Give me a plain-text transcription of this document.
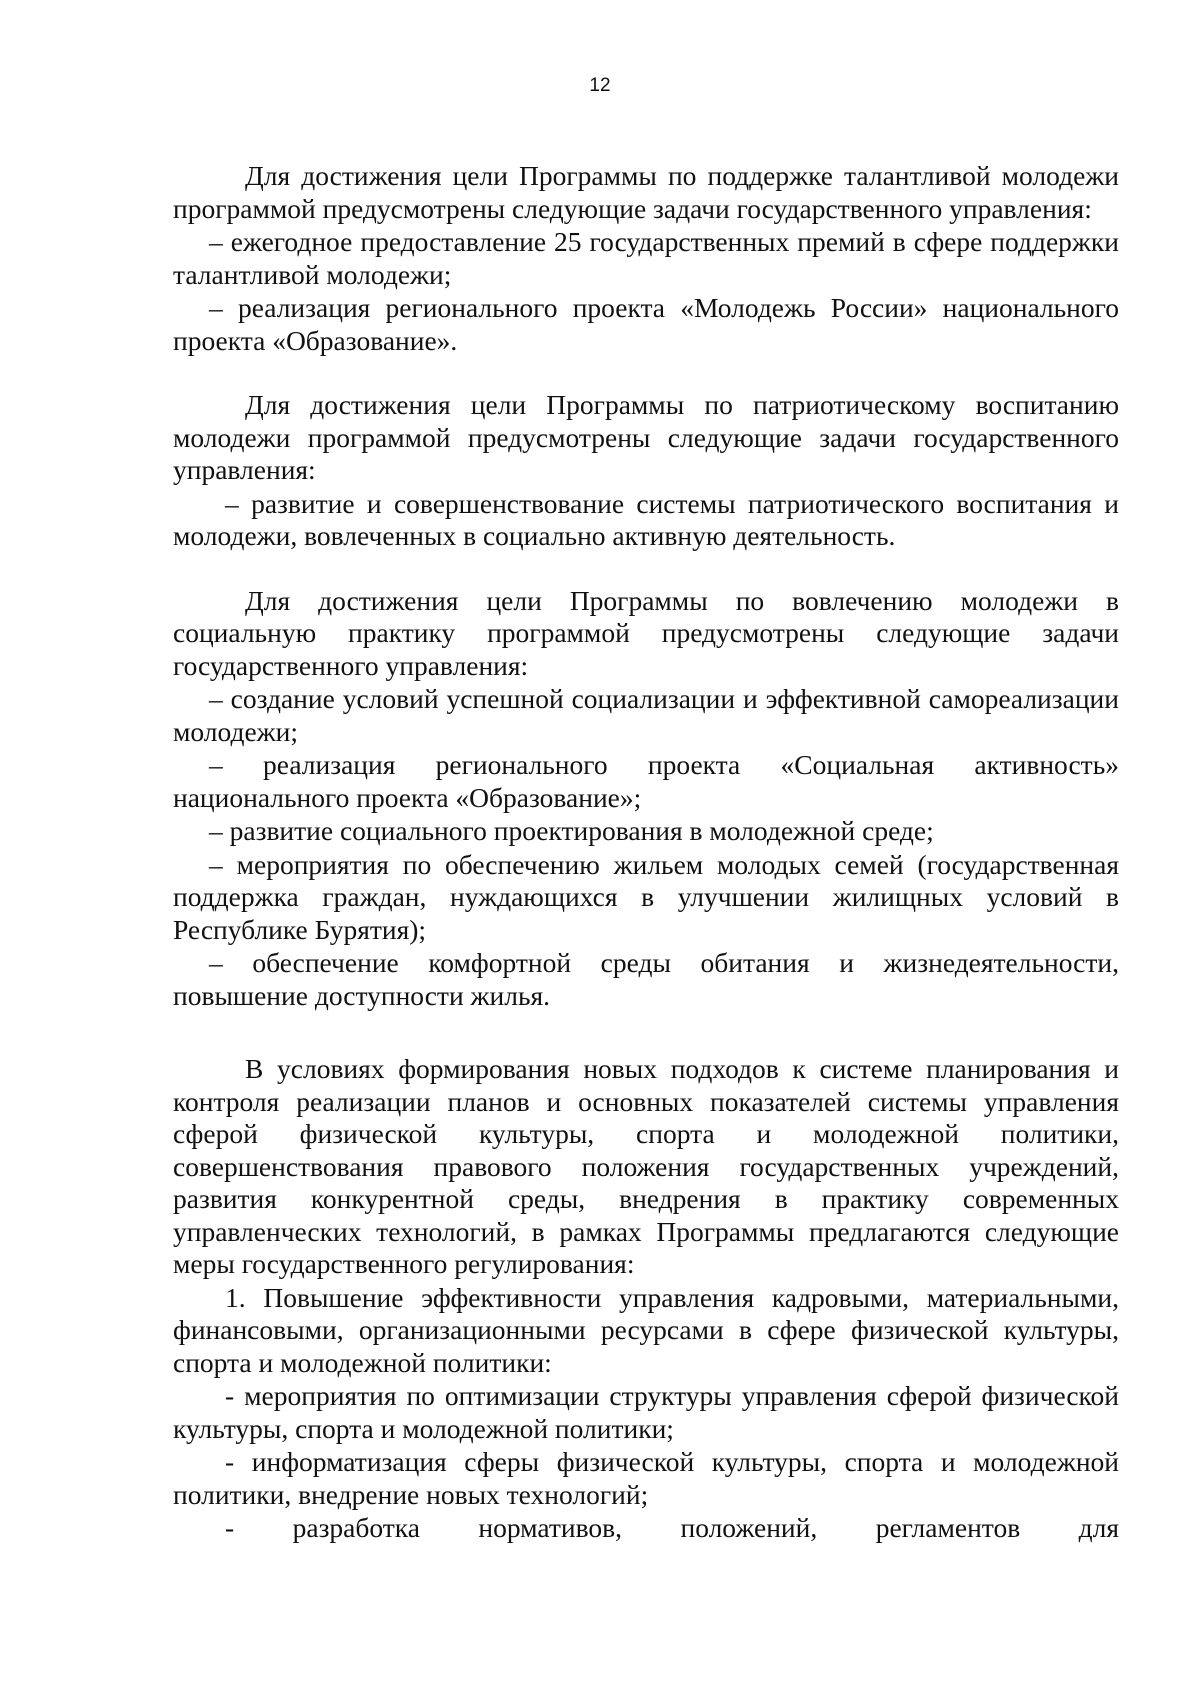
12

Для достижения цели Программы по поддержке талантливой молодежи программой предусмотрены следующие задачи государственного управления:

– ежегодное предоставление 25 государственных премий в сфере поддержки талантливой молодежи;

– реализация регионального проекта «Молодежь России» национального проекта «Образование».

Для достижения цели Программы по патриотическому воспитанию молодежи программой предусмотрены следующие задачи государственного управления:

– развитие и совершенствование системы патриотического воспитания и молодежи, вовлеченных в социально активную деятельность.

Для достижения цели Программы по вовлечению молодежи в социальную практику программой предусмотрены следующие задачи государственного управления:

– создание условий успешной социализации и эффективной самореализации молодежи;

– реализация регионального проекта «Социальная активность» национального проекта «Образование»;

– развитие социального проектирования в молодежной среде;

– мероприятия по обеспечению жильем молодых семей (государственная поддержка граждан, нуждающихся в улучшении жилищных условий в Республике Бурятия);

– обеспечение комфортной среды обитания и жизнедеятельности, повышение доступности жилья.

В условиях формирования новых подходов к системе планирования и контроля реализации планов и основных показателей системы управления сферой физической культуры, спорта и молодежной политики, совершенствования правового положения государственных учреждений, развития конкурентной среды, внедрения в практику современных управленческих технологий, в рамках Программы предлагаются следующие меры государственного регулирования:

1. Повышение эффективности управления кадровыми, материальными, финансовыми, организационными ресурсами в сфере физической культуры, спорта и молодежной политики:

- мероприятия по оптимизации структуры управления сферой физической культуры, спорта и молодежной политики;

- информатизация сферы физической культуры, спорта и молодежной политики, внедрение новых технологий;

- разработка нормативов, положений, регламентов для
